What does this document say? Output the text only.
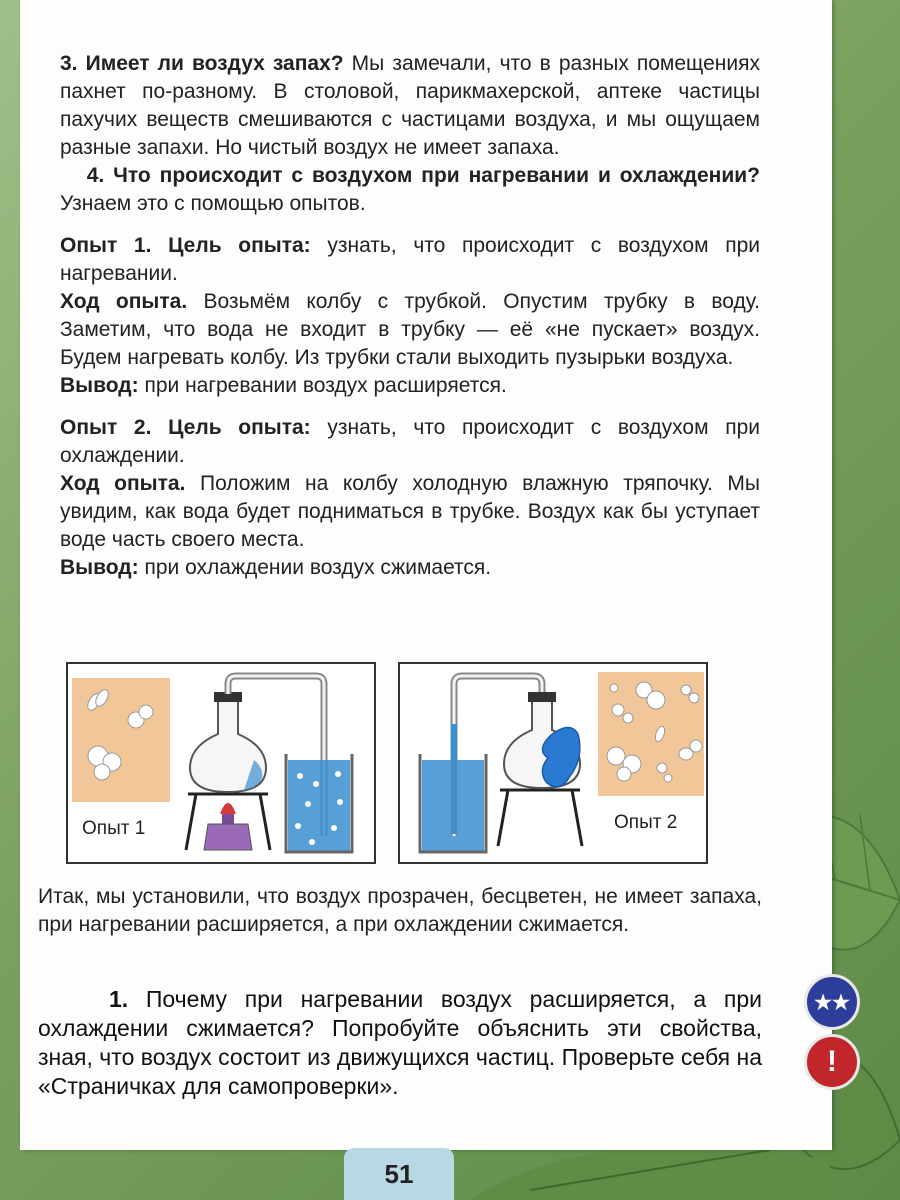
3. Имеет ли воздух запах? Мы замечали, что в разных помещениях пахнет по-разному. В столовой, парикмахерской, аптеке частицы пахучих веществ смешиваются с частицами воздуха, и мы ощущаем разные запахи. Но чистый воздух не имеет запаха.

4. Что происходит с воздухом при нагревании и охлаждении? Узнаем это с помощью опытов.

Опыт 1. Цель опыта: узнать, что происходит с воздухом при нагревании.

Ход опыта. Возьмём колбу с трубкой. Опустим трубку в воду. Заметим, что вода не входит в трубку — её «не пускает» воздух. Будем нагревать колбу. Из трубки стали выходить пузырьки воздуха.

Вывод: при нагревании воздух расширяется.

Опыт 2. Цель опыта: узнать, что происходит с воздухом при охлаждении.

Ход опыта. Положим на колбу холодную влажную тряпочку. Мы увидим, как вода будет подниматься в трубке. Воздух как бы уступает воде часть своего места.

Вывод: при охлаждении воздух сжимается.

Опыт 1	Опыт 2

Итак, мы установили, что воздух прозрачен, бесцветен, не имеет запаха, при нагревании расширяется, а при охлаждении сжимается.

1. Почему при нагревании воздух расширяется, а при охлаждении сжимается? Попробуйте объяснить эти свойства, зная, что воздух состоит из движущихся частиц. Проверьте себя на «Страничках для самопроверки».

★★
!
51
